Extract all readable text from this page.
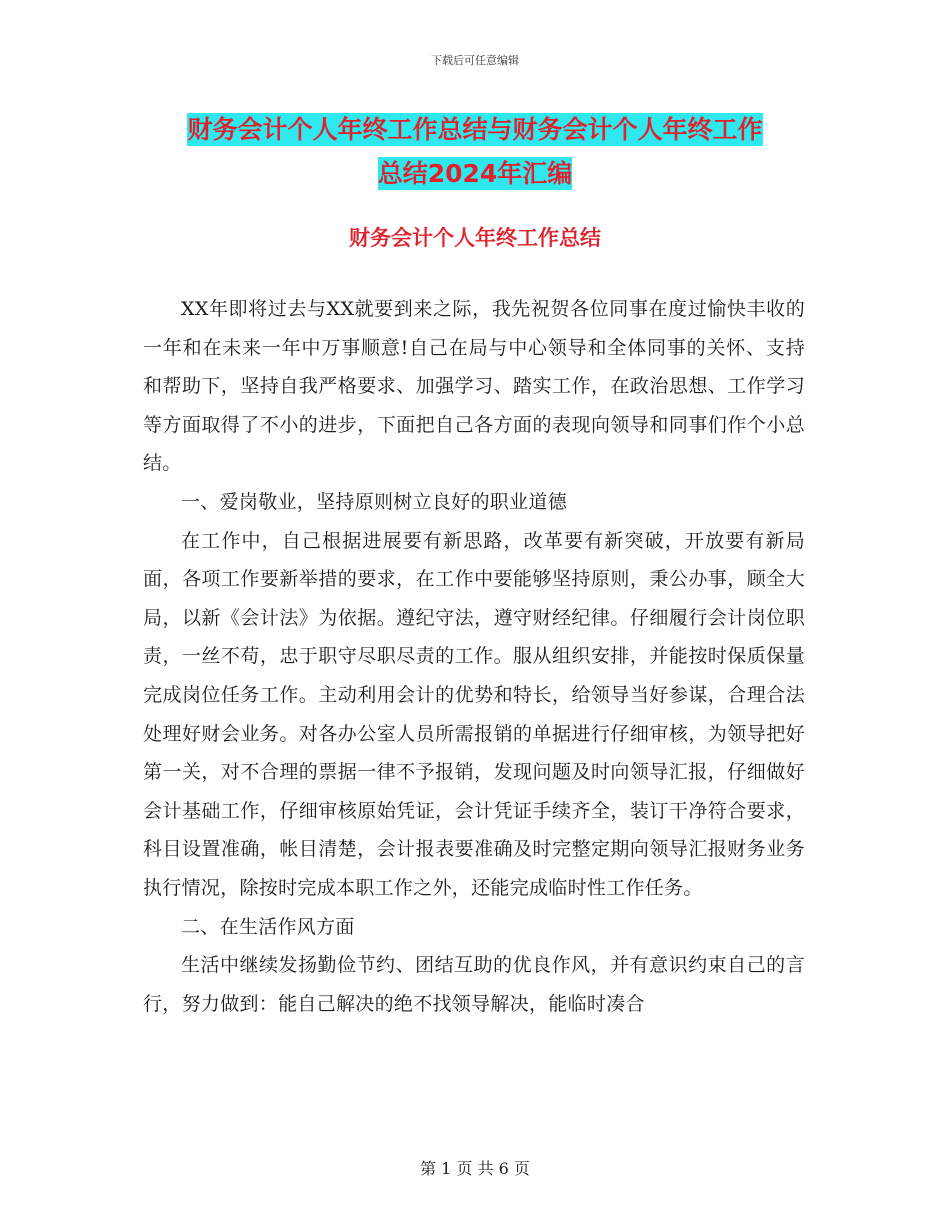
下载后可任意编辑
财务会计个人年终工作总结与财务会计个人年终工作
总结2024年汇编
财务会计个人年终工作总结

XX年即将过去与XX就要到来之际，我先祝贺各位同事在度过愉快丰收的一年和在未来一年中万事顺意!自己在局与中心领导和全体同事的关怀、支持和帮助下，坚持自我严格要求、加强学习、踏实工作，在政治思想、工作学习等方面取得了不小的进步，下面把自己各方面的表现向领导和同事们作个小总结。

一、爱岗敬业，坚持原则树立良好的职业道德

在工作中，自己根据进展要有新思路，改革要有新突破，开放要有新局面，各项工作要新举措的要求，在工作中要能够坚持原则，秉公办事，顾全大局，以新《会计法》为依据。遵纪守法，遵守财经纪律。仔细履行会计岗位职责，一丝不苟，忠于职守尽职尽责的工作。服从组织安排，并能按时保质保量完成岗位任务工作。主动利用会计的优势和特长，给领导当好参谋，合理合法处理好财会业务。对各办公室人员所需报销的单据进行仔细审核，为领导把好第一关，对不合理的票据一律不予报销，发现问题及时向领导汇报，仔细做好会计基础工作，仔细审核原始凭证，会计凭证手续齐全，装订干净符合要求，科目设置准确，帐目清楚，会计报表要准确及时完整定期向领导汇报财务业务执行情况，除按时完成本职工作之外，还能完成临时性工作任务。

二、在生活作风方面

生活中继续发扬勤俭节约、团结互助的优良作风，并有意识约束自己的言行，努力做到：能自己解决的绝不找领导解决，能临时凑合

第 1 页 共 6 页
